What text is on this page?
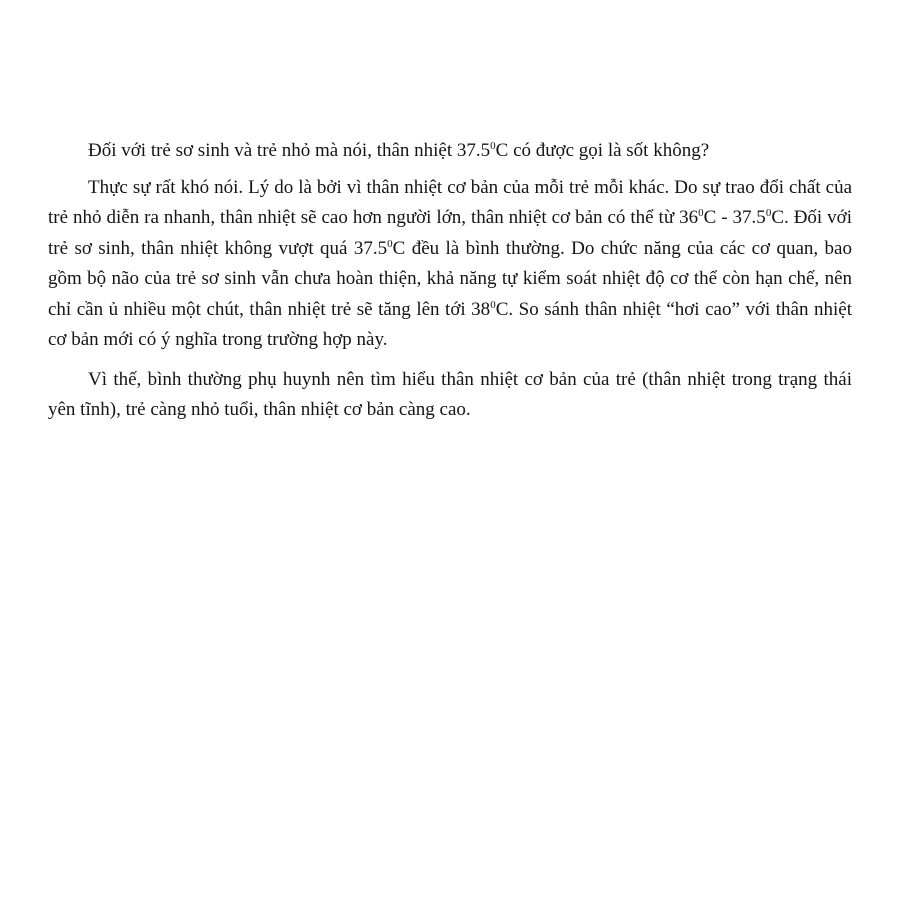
Đối với trẻ sơ sinh và trẻ nhỏ mà nói, thân nhiệt 37.5$^0$C có được gọi là sốt không?

Thực sự rất khó nói. Lý do là bởi vì thân nhiệt cơ bản của mỗi trẻ mỗi khác. Do sự trao đổi chất của trẻ nhỏ diễn ra nhanh, thân nhiệt sẽ cao hơn người lớn, thân nhiệt cơ bản có thể từ $36^0C - 37.5^0C$. Đối với trẻ sơ sinh, thân nhiệt không vượt quá 37.5$^0$C đều là bình thường. Do chức năng của các cơ quan, bao gồm bộ não của trẻ sơ sinh vẫn chưa hoàn thiện, khả năng tự kiểm soát nhiệt độ cơ thể còn hạn chế, nên chỉ cần ủ nhiều một chút, thân nhiệt trẻ sẽ tăng lên tới $38^0C$. So sánh thân nhiệt “hơi cao” với thân nhiệt cơ bản mới có ý nghĩa trong trường hợp này.

Vì thế, bình thường phụ huynh nên tìm hiểu thân nhiệt cơ bản của trẻ (thân nhiệt trong trạng thái yên tĩnh), trẻ càng nhỏ tuổi, thân nhiệt cơ bản càng cao.
